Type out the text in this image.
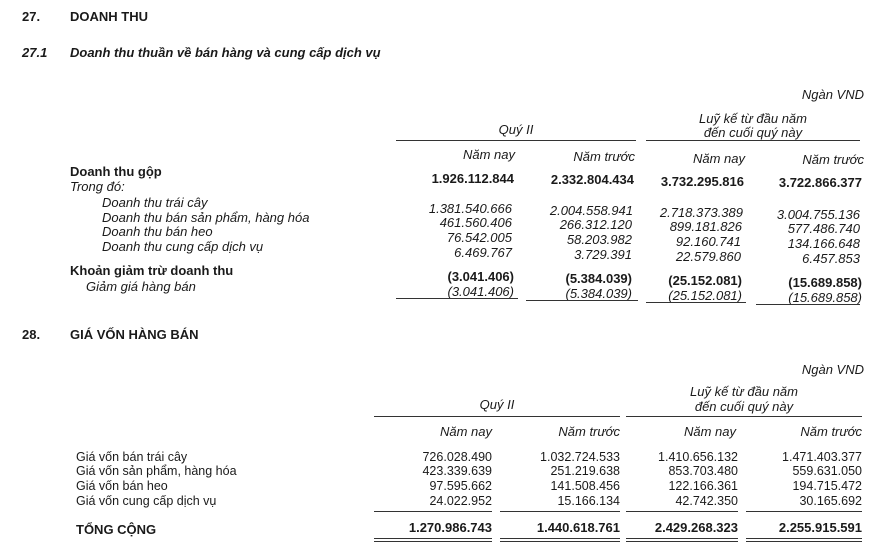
27. DOANH THU
27.1 Doanh thu thuần về bán hàng và cung cấp dịch vụ
Ngàn VND
Quý II
Luỹ kế từ đầu năm
đến cuối quý này
Năm nay	Năm trước	Năm nay	Năm trước
Doanh thu gộp	1.926.112.844	2.332.804.434 3.732.295.816	3.722.866.377
Trong đó:
Doanh thu trái cây	1.381.540.666	2.004.558.941 2.718.373.389	3.004.755.136
Doanh thu bán sản phẩm, hàng hóa	461.560.406	266.312.120	899.181.826	577.486.740
Doanh thu bán heo	76.542.005	58.203.982	92.160.741	134.166.648
Doanh thu cung cấp dịch vụ	6.469.767	3.729.391	22.579.860	6.457.853
Khoản giảm trừ doanh thu	(3.041.406)	(5.384.039)	(25.152.081)	(15.689.858)
Giảm giá hàng bán	(3.041.406)	(5.384.039)	(25.152.081)	(15.689.858)
28. GIÁ VỐN HÀNG BÁN
Ngàn VND
Quý II
Luỹ kế từ đầu năm
đến cuối quý này
Năm nay	Năm trước	Năm nay	Năm trước
Giá vốn bán trái cây	726.028.490	1.032.724.533	1.410.656.132	1.471.403.377
Giá vốn sản phẩm, hàng hóa	423.339.639	251.219.638	853.703.480	559.631.050
Giá vốn bán heo	97.595.662	141.508.456	122.166.361	194.715.472
Giá vốn cung cấp dịch vụ	24.022.952	15.166.134	42.742.350	30.165.692
TỔNG CỘNG	1.270.986.743	1.440.618.761	2.429.268.323	2.255.915.591
